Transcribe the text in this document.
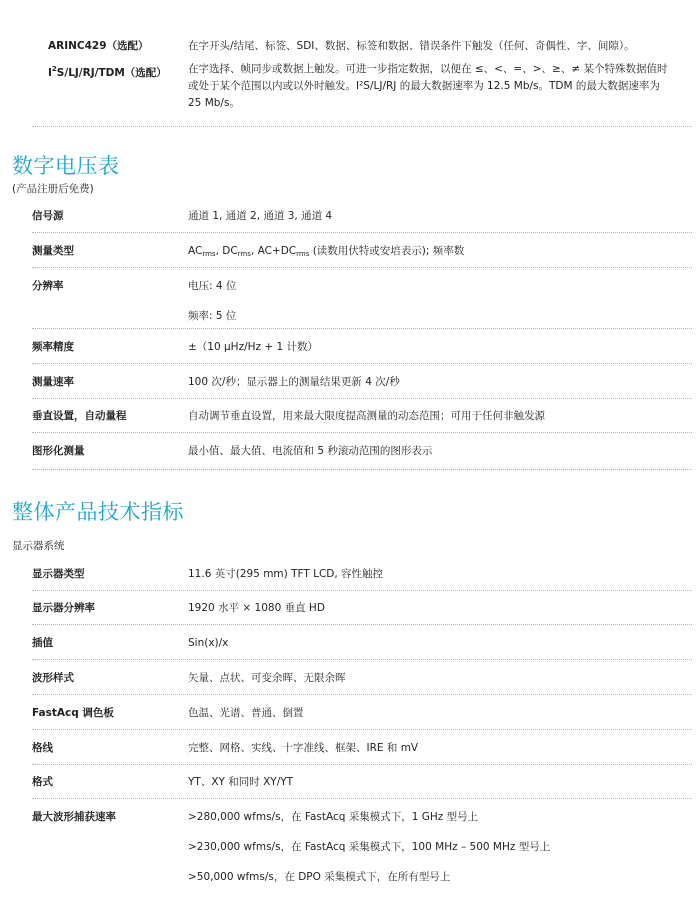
ARINC429（选配）	在字开头/结尾、标签、SDI、数据、标签和数据、错误条件下触发（任何、奇偶性、字、间隙）。
$I^2S/LJ/RJ/TDM$（选配） 在字选择、帧同步或数据上触发。可进一步指定数据，以便在 ≤、<、=、>、≥、≠ 某个特殊数据值时
或处于某个范围以内或以外时触发。I²S/LJ/RJ 的最大数据速率为 12.5 Mb/s。TDM 的最大数据速率为
25 Mb/s。
数字电压表
(产品注册后免费)
信号源	通道 1, 通道 2, 通道 3, 通道 4
测量类型	$AC_{rms}$, $DC_{rms}$, $AC+DC_{rms}$ (读数用伏特或安培表示); 频率数
分辨率	电压: 4 位
频率: 5 位
频率精度	±（10 µHz/Hz + 1 计数）
测量速率	100 次/秒；显示器上的测量结果更新 4 次/秒
垂直设置，自动量程	自动调节垂直设置，用来最大限度提高测量的动态范围；可用于任何非触发源
图形化测量	最小值、最大值、电流值和 5 秒滚动范围的图形表示
整体产品技术指标
显示器系统
显示器类型	11.6 英寸(295 mm) TFT LCD, 容性触控
显示器分辨率	1920 水平 × 1080 垂直 HD
插值	Sin(x)/x
波形样式	矢量、点状、可变余晖、无限余晖
FastAcq 调色板	色温、光谱、普通、倒置
格线	完整、网格、实线、十字准线、框架、IRE 和 mV
格式	YT、XY 和同时 XY/YT
最大波形捕获速率	>280,000 wfms/s，在 FastAcq 采集模式下，1 GHz 型号上
>230,000 wfms/s，在 FastAcq 采集模式下，100 MHz – 500 MHz 型号上
>50,000 wfms/s，在 DPO 采集模式下，在所有型号上
